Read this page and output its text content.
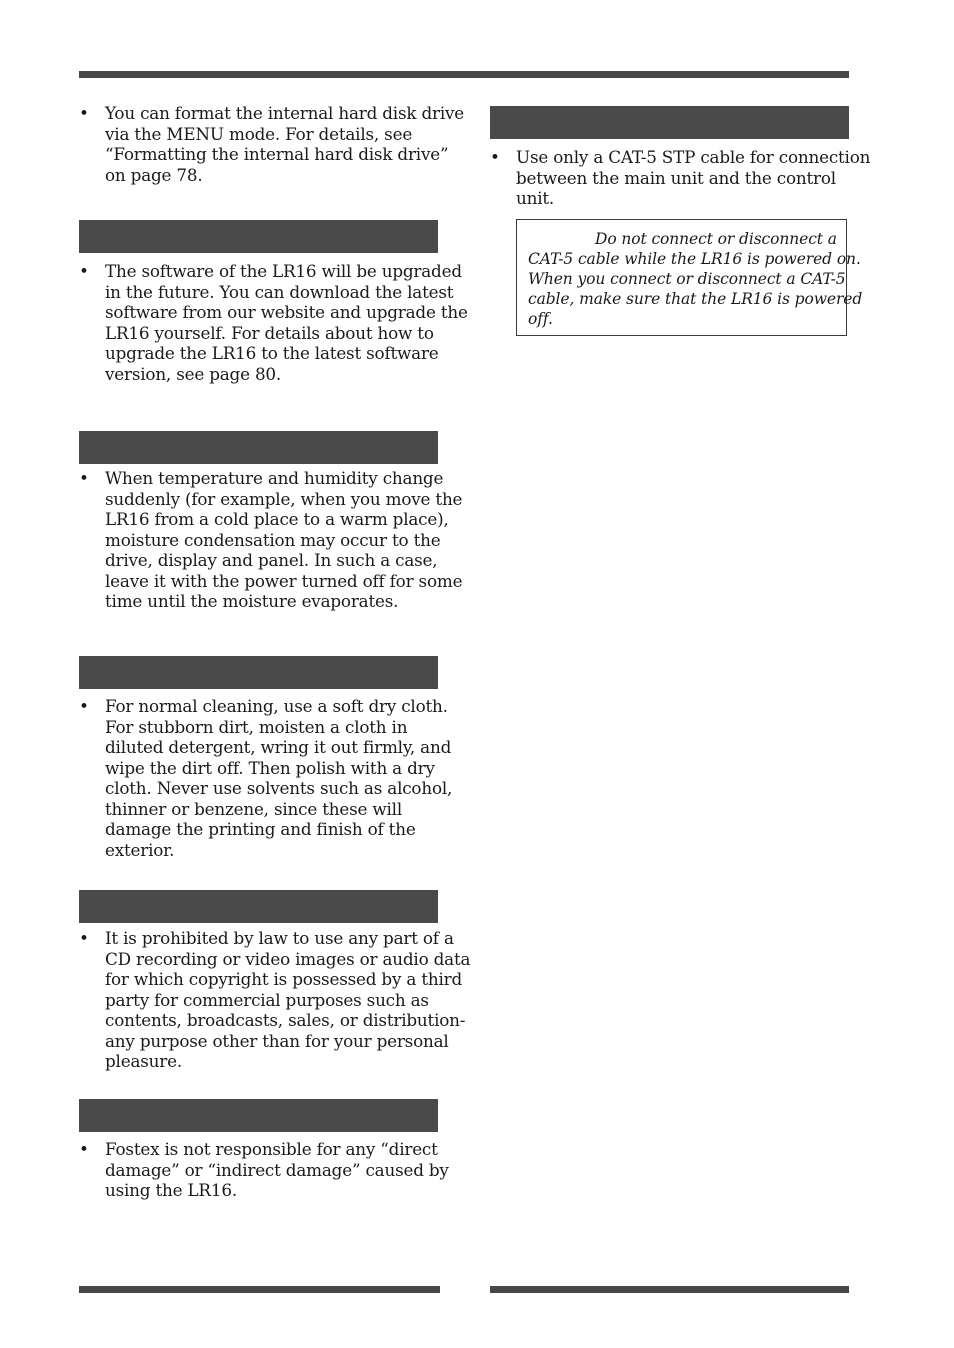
• You can format the internal hard disk drive
via the MENU mode. For details, see
“Formatting the internal hard disk drive”
on page 78.
• The software of the LR16 will be upgraded
in the future. You can download the latest
software from our website and upgrade the
LR16 yourself. For details about how to
upgrade the LR16 to the latest software
version, see page 80.
• When temperature and humidity change
suddenly (for example, when you move the
LR16 from a cold place to a warm place),
moisture condensation may occur to the
drive, display and panel. In such a case,
leave it with the power turned off for some
time until the moisture evaporates.
• For normal cleaning, use a soft dry cloth.
For stubborn dirt, moisten a cloth in
diluted detergent, wring it out firmly, and
wipe the dirt off. Then polish with a dry
cloth. Never use solvents such as alcohol,
thinner or benzene, since these will
damage the printing and finish of the
exterior.
• It is prohibited by law to use any part of a
CD recording or video images or audio data
for which copyright is possessed by a third
party for commercial purposes such as
contents, broadcasts, sales, or distribution-
any purpose other than for your personal
pleasure.
• Fostex is not responsible for any “direct
damage” or “indirect damage” caused by
using the LR16.
• Use only a CAT-5 STP cable for connection
between the main unit and the control
unit.
Do not connect or disconnect a
CAT-5 cable while the LR16 is powered on.
When you connect or disconnect a CAT-5
cable, make sure that the LR16 is powered
off.
